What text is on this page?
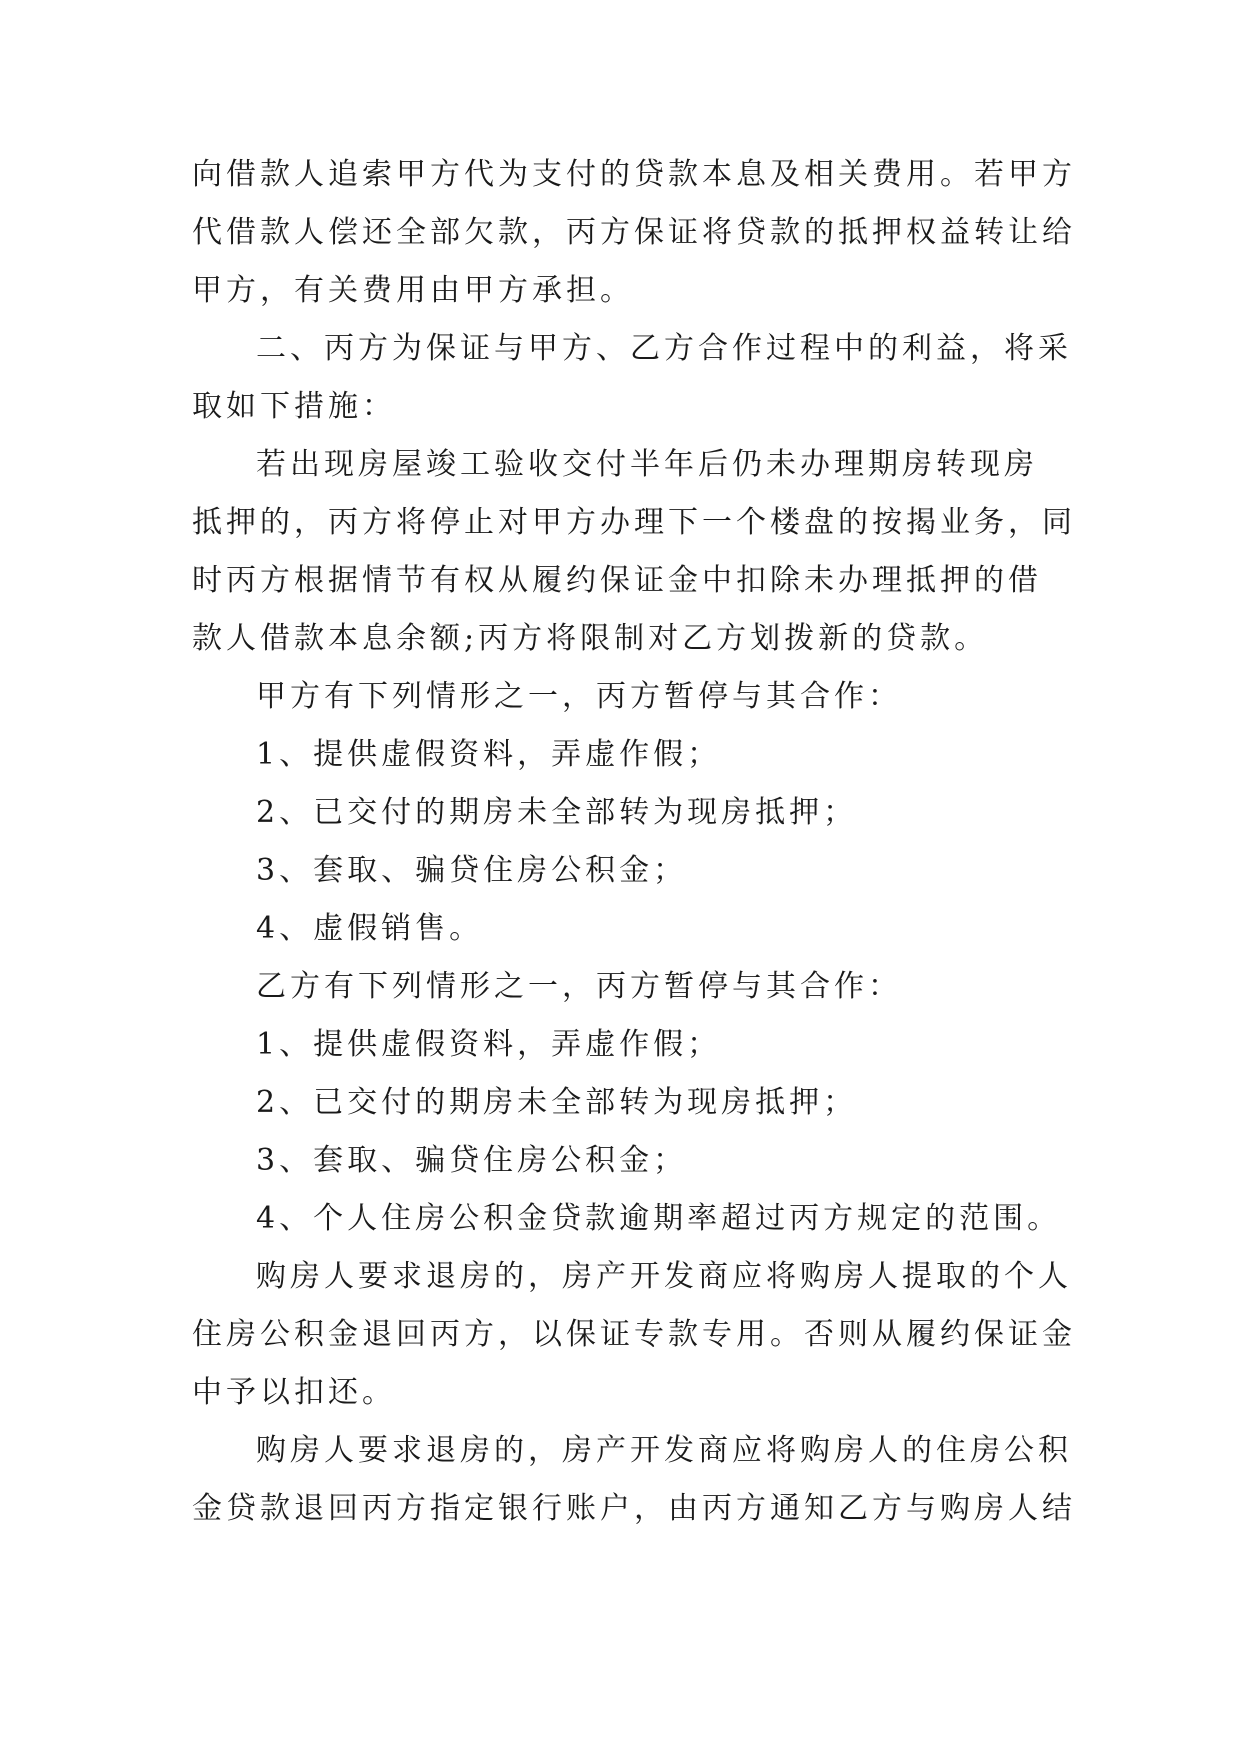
向借款人追索甲方代为支付的贷款本息及相关费用。若甲方
代借款人偿还全部欠款，丙方保证将贷款的抵押权益转让给
甲方，有关费用由甲方承担。
二、丙方为保证与甲方、乙方合作过程中的利益，将采
取如下措施：
若出现房屋竣工验收交付半年后仍未办理期房转现房
抵押的，丙方将停止对甲方办理下一个楼盘的按揭业务，同
时丙方根据情节有权从履约保证金中扣除未办理抵押的借
款人借款本息余额;丙方将限制对乙方划拨新的贷款。
甲方有下列情形之一，丙方暂停与其合作：
1、提供虚假资料，弄虚作假；
2、已交付的期房未全部转为现房抵押；
3、套取、骗贷住房公积金；
4、虚假销售。
乙方有下列情形之一，丙方暂停与其合作：
1、提供虚假资料，弄虚作假；
2、已交付的期房未全部转为现房抵押；
3、套取、骗贷住房公积金；
4、个人住房公积金贷款逾期率超过丙方规定的范围。
购房人要求退房的，房产开发商应将购房人提取的个人
住房公积金退回丙方，以保证专款专用。否则从履约保证金
中予以扣还。
购房人要求退房的，房产开发商应将购房人的住房公积
金贷款退回丙方指定银行账户，由丙方通知乙方与购房人结
